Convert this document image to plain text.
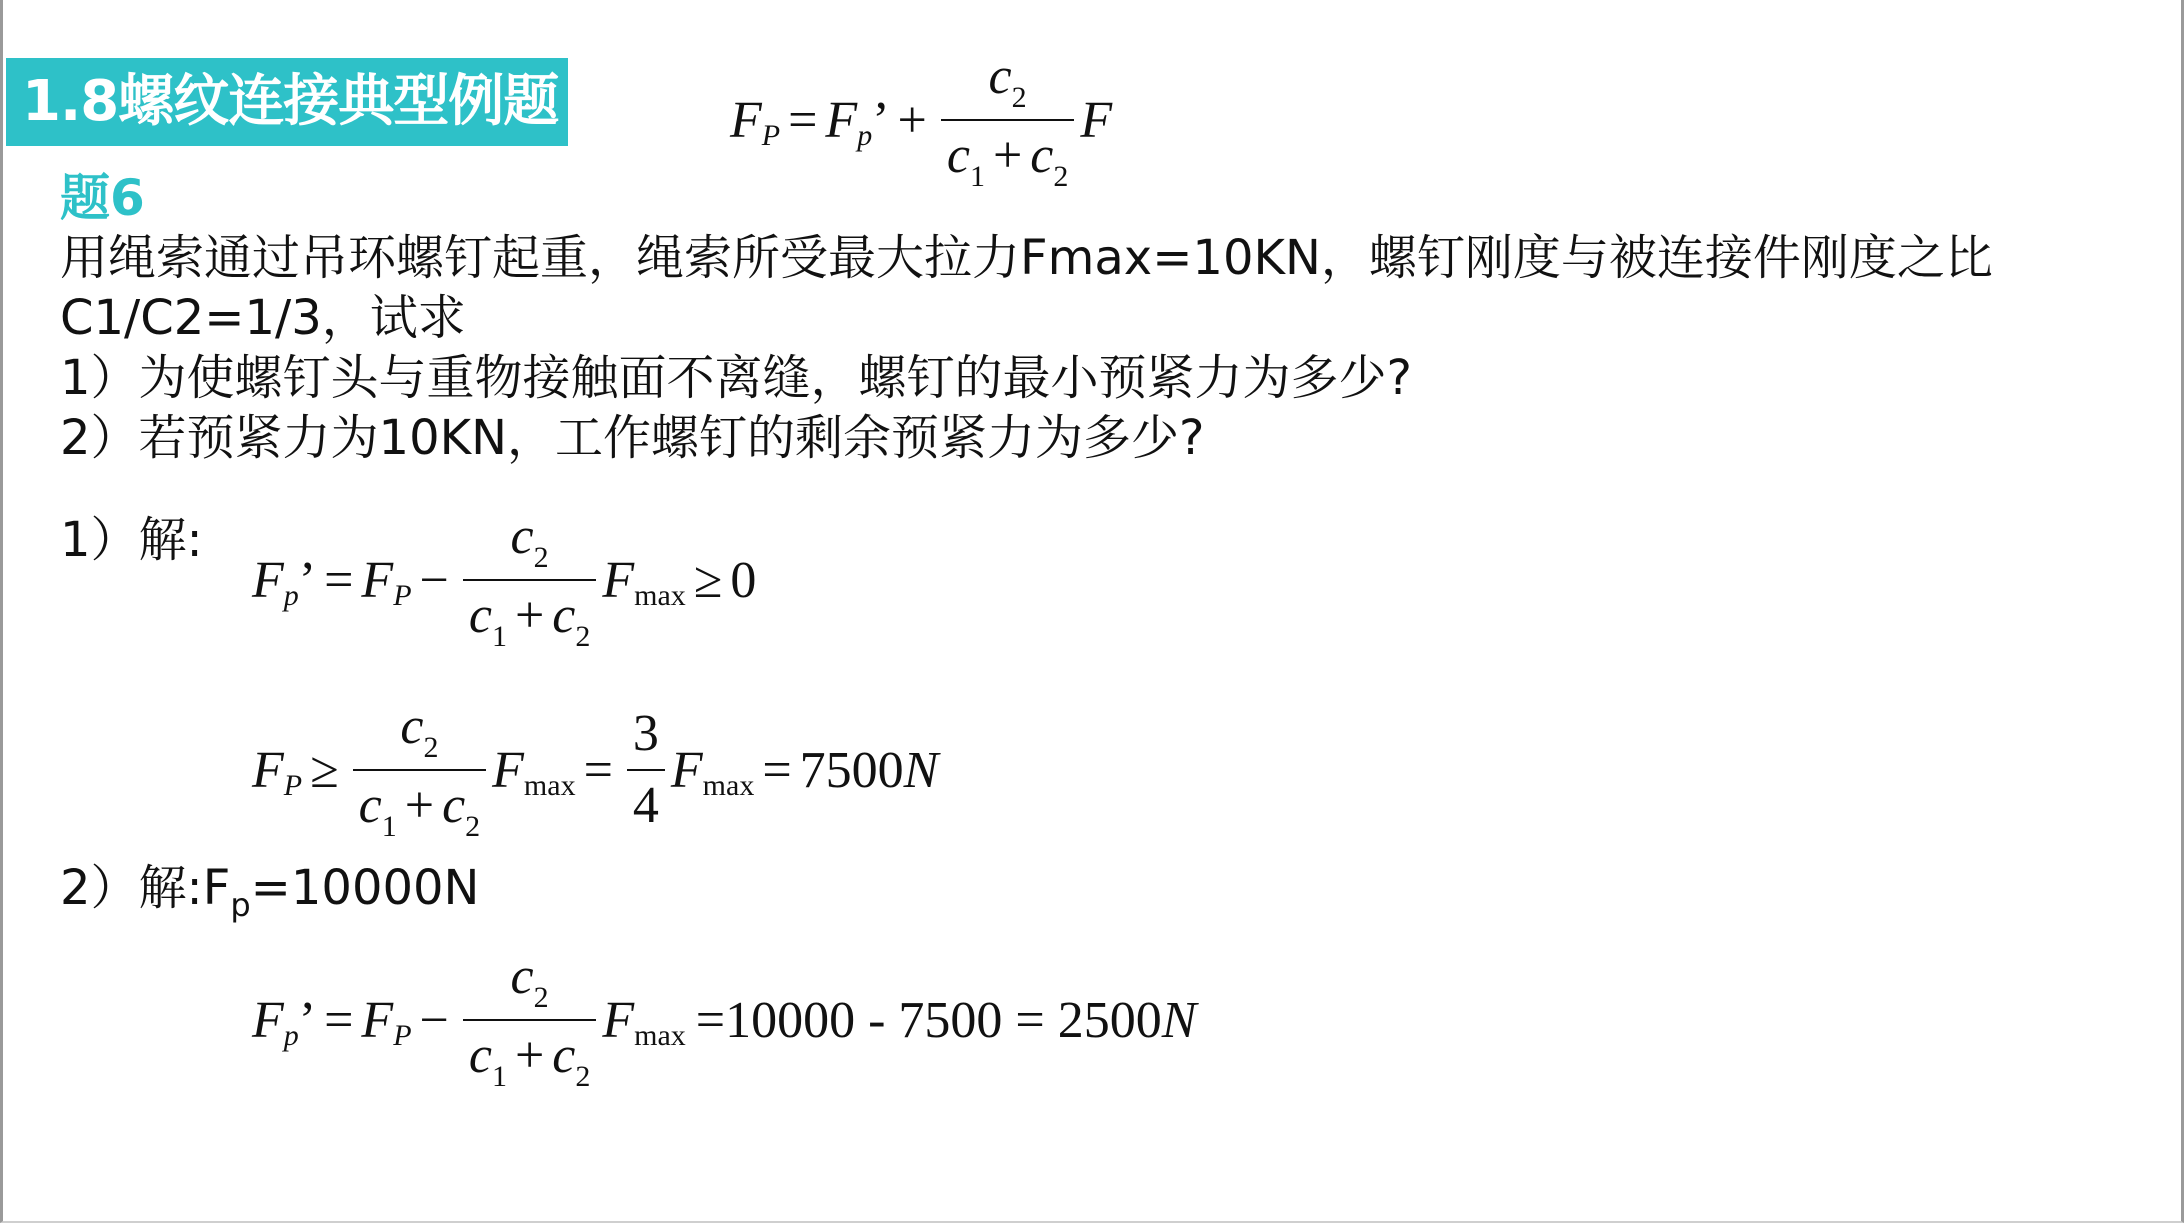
1.8螺纹连接典型例题	F P = F p ’ + $\frac{c_2}{c_1 + c_2}$ F
题6
用绳索通过吊环螺钉起重，绳索所受最大拉力Fmax=10KN，螺钉刚度与被连接件刚度之比
C1/C2=1/3，试求
1）为使螺钉头与重物接触面不离缝，螺钉的最小预紧力为多少?
2）若预紧力为10KN，工作螺钉的剩余预紧力为多少?
1）解:
F p ’ = F $P - \frac{c_2}{c_1 + c_2}$ F max ≥ 0
F $P \ge \frac{c_2}{c_1 + c_2}$ F $\max = \frac{3}{4}$ F max = 7500 N
2）解$:F_p=10000N$
F p ’ = F $P - \frac{c_2}{c_1 + c_2}$ F max =10000 - 7500 = 2500 N
